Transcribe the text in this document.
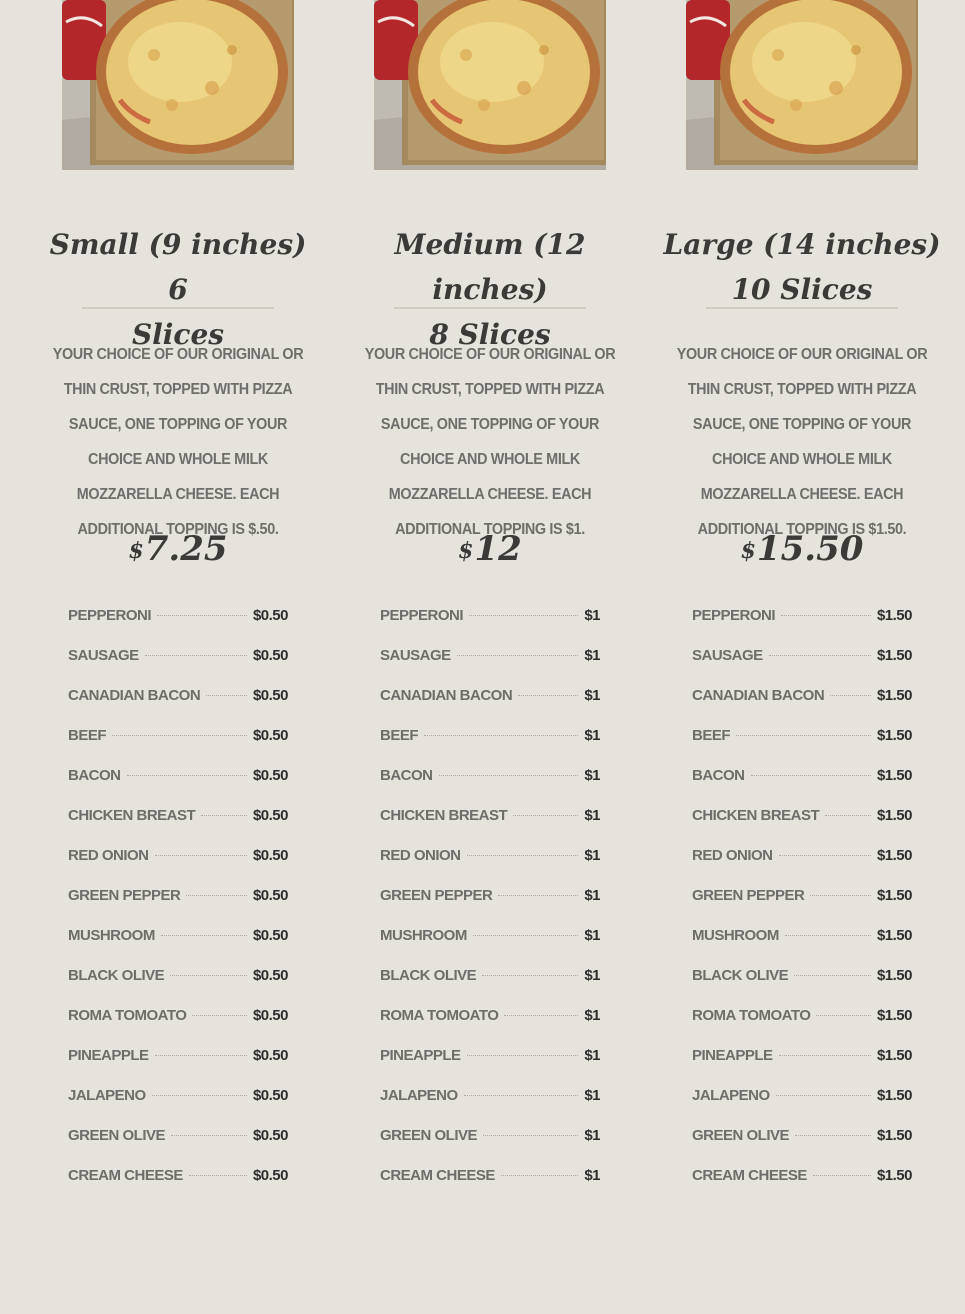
Small (9 inches) 6
Slices

YOUR CHOICE OF OUR ORIGINAL OR THIN CRUST, TOPPED WITH PIZZA SAUCE, ONE TOPPING OF YOUR CHOICE AND WHOLE MILK MOZZARELLA CHEESE. EACH ADDITIONAL TOPPING IS $.50.

$7.25
PEPPERONI	$0.50
SAUSAGE	$0.50
CANADIAN BACON	$0.50
BEEF	$0.50
BACON	$0.50
CHICKEN BREAST	$0.50
RED ONION	$0.50
GREEN PEPPER	$0.50
MUSHROOM	$0.50
BLACK OLIVE	$0.50
ROMA TOMOATO	$0.50
PINEAPPLE	$0.50
JALAPENO	$0.50
GREEN OLIVE	$0.50
CREAM CHEESE	$0.50
Medium (12 inches)
8 Slices

YOUR CHOICE OF OUR ORIGINAL OR THIN CRUST, TOPPED WITH PIZZA SAUCE, ONE TOPPING OF YOUR CHOICE AND WHOLE MILK MOZZARELLA CHEESE. EACH ADDITIONAL TOPPING IS $1.

$12
PEPPERONI	$1
SAUSAGE	$1
CANADIAN BACON	$1
BEEF	$1
BACON	$1
CHICKEN BREAST	$1
RED ONION	$1
GREEN PEPPER	$1
MUSHROOM	$1
BLACK OLIVE	$1
ROMA TOMOATO	$1
PINEAPPLE	$1
JALAPENO	$1
GREEN OLIVE	$1
CREAM CHEESE	$1
Large (14 inches)
10 Slices

YOUR CHOICE OF OUR ORIGINAL OR THIN CRUST, TOPPED WITH PIZZA SAUCE, ONE TOPPING OF YOUR CHOICE AND WHOLE MILK MOZZARELLA CHEESE. EACH ADDITIONAL TOPPING IS $1.50.

$15.50
PEPPERONI	$1.50
SAUSAGE	$1.50
CANADIAN BACON	$1.50
BEEF	$1.50
BACON	$1.50
CHICKEN BREAST	$1.50
RED ONION	$1.50
GREEN PEPPER	$1.50
MUSHROOM	$1.50
BLACK OLIVE	$1.50
ROMA TOMOATO	$1.50
PINEAPPLE	$1.50
JALAPENO	$1.50
GREEN OLIVE	$1.50
CREAM CHEESE	$1.50
